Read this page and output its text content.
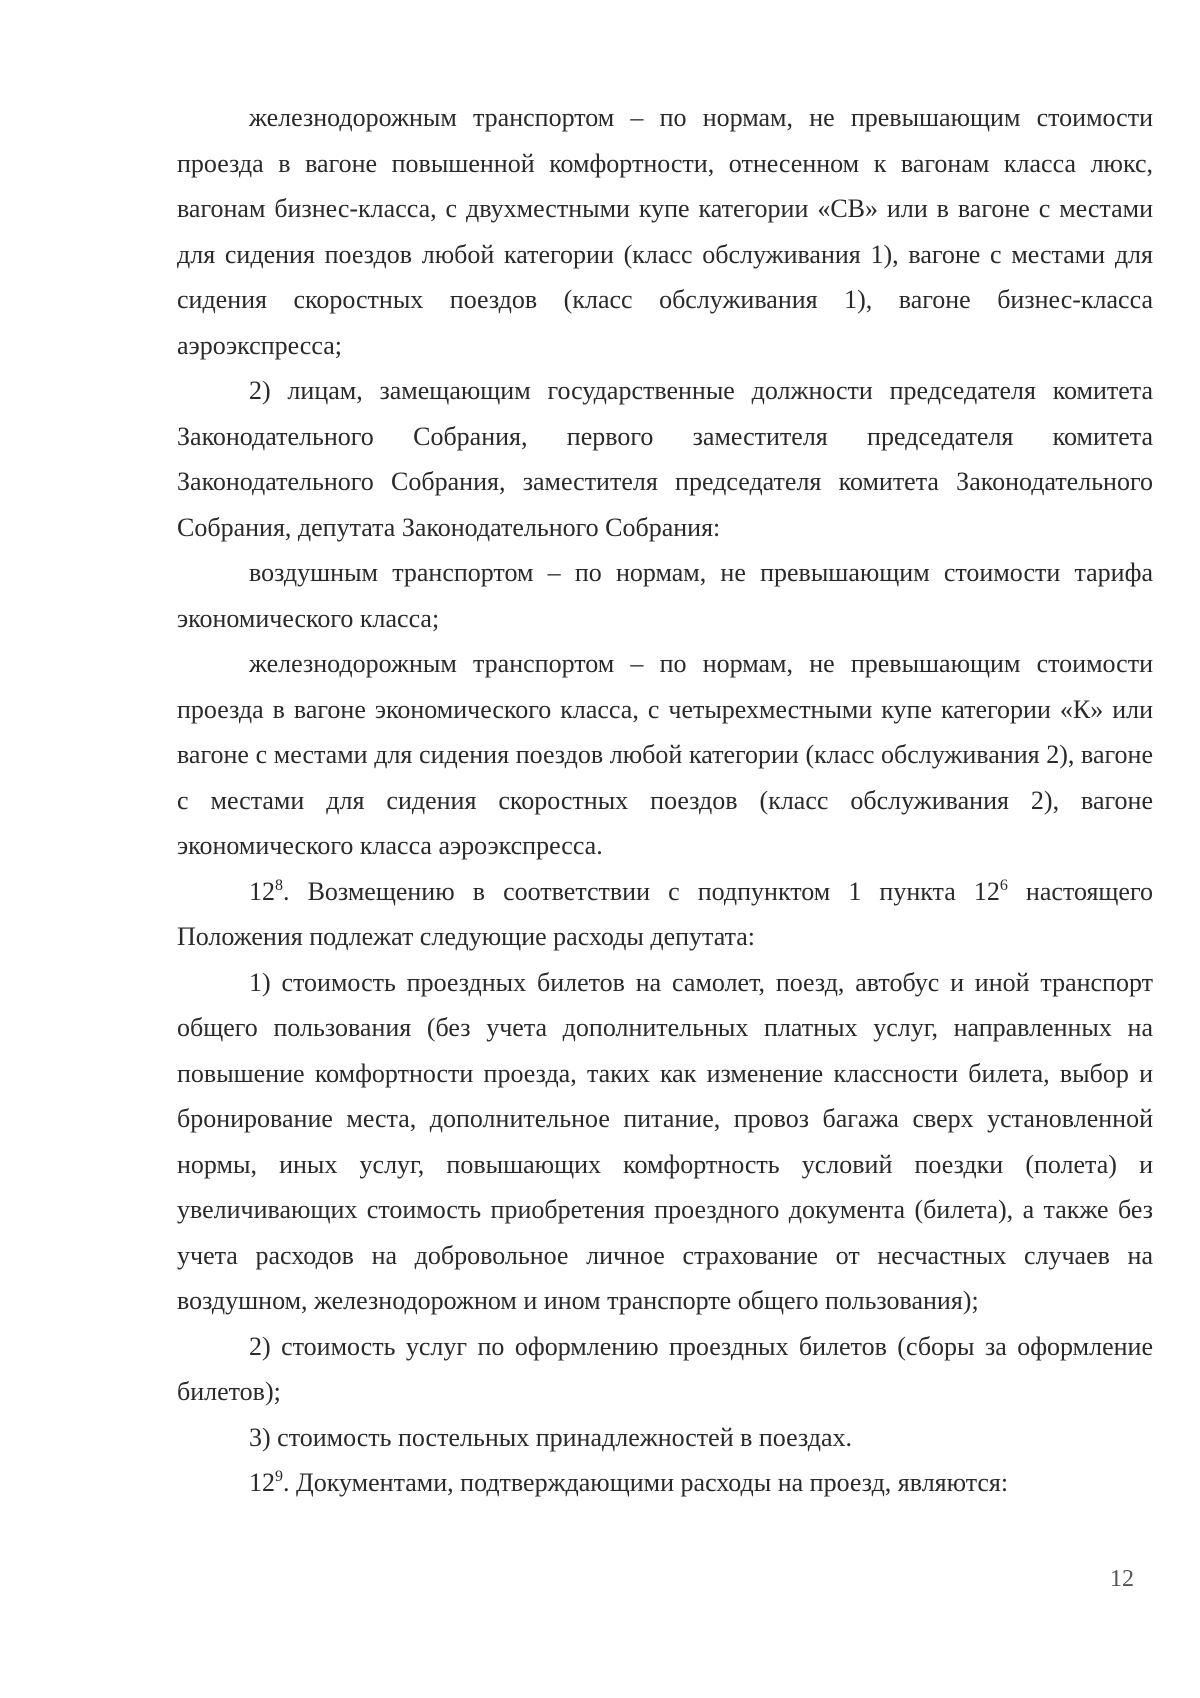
железнодорожным транспортом – по нормам, не превышающим стоимости проезда в вагоне повышенной комфортности, отнесенном к вагонам класса люкс, вагонам бизнес-класса, с двухместными купе категории «СВ» или в вагоне с местами для сидения поездов любой категории (класс обслуживания 1), вагоне с местами для сидения скоростных поездов (класс обслуживания 1), вагоне бизнес-класса аэроэкспресса;

2) лицам, замещающим государственные должности председателя комитета Законодательного Собрания, первого заместителя председателя комитета Законодательного Собрания, заместителя председателя комитета Законодательного Собрания, депутата Законодательного Собрания:

воздушным транспортом – по нормам, не превышающим стоимости тарифа экономического класса;

железнодорожным транспортом – по нормам, не превышающим стоимости проезда в вагоне экономического класса, с четырехместными купе категории «К» или вагоне с местами для сидения поездов любой категории (класс обслуживания 2), вагоне с местами для сидения скоростных поездов (класс обслуживания 2), вагоне экономического класса аэроэкспресса.

$12^8$. Возмещению в соответствии с подпунктом 1 пункта $12^6$ настоящего Положения подлежат следующие расходы депутата:

1) стоимость проездных билетов на самолет, поезд, автобус и иной транспорт общего пользования (без учета дополнительных платных услуг, направленных на повышение комфортности проезда, таких как изменение классности билета, выбор и бронирование места, дополнительное питание, провоз багажа сверх установленной нормы, иных услуг, повышающих комфортность условий поездки (полета) и увеличивающих стоимость приобретения проездного документа (билета), а также без учета расходов на добровольное личное страхование от несчастных случаев на воздушном, железнодорожном и ином транспорте общего пользования);

2) стоимость услуг по оформлению проездных билетов (сборы за оформление билетов);

3) стоимость постельных принадлежностей в поездах.

$12^9$. Документами, подтверждающими расходы на проезд, являются:

12
